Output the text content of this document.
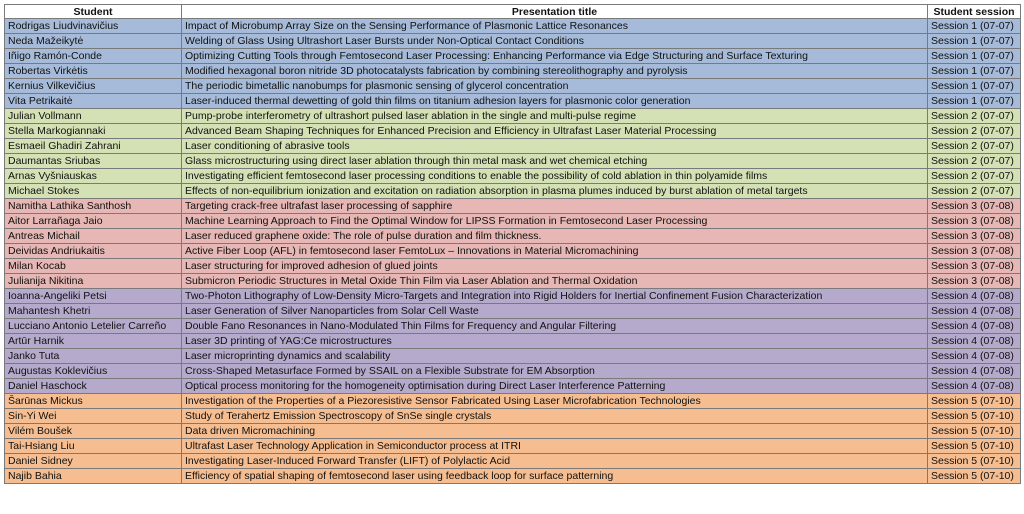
Student	Presentation title	Student session
Rodrigas Liudvinavičius	Impact of Microbump Array Size on the Sensing Performance of Plasmonic Lattice Resonances	Session 1 (07-07)
Neda Mažeikytė	Welding of Glass Using Ultrashort Laser Bursts under Non-Optical Contact Conditions	Session 1 (07-07)
Iñigo Ramón-Conde	Optimizing Cutting Tools through Femtosecond Laser Processing: Enhancing Performance via Edge Structuring and Surface Texturing	Session 1 (07-07)
Robertas Virkėtis	Modified hexagonal boron nitride 3D photocatalysts fabrication by combining stereolithography and pyrolysis	Session 1 (07-07)
Kernius Vilkevičius	The periodic bimetallic nanobumps for plasmonic sensing of glycerol concentration	Session 1 (07-07)
Vita Petrikaitė	Laser-induced thermal dewetting of gold thin films on titanium adhesion layers for plasmonic color generation	Session 1 (07-07)
Julian Vollmann	Pump-probe interferometry of ultrashort pulsed laser ablation in the single and multi-pulse regime	Session 2 (07-07)
Stella Markogiannaki	Advanced Beam Shaping Techniques for Enhanced Precision and Efficiency in Ultrafast Laser Material Processing	Session 2 (07-07)
Esmaeil Ghadiri Zahrani	Laser conditioning of abrasive tools	Session 2 (07-07)
Daumantas Sriubas	Glass microstructuring using direct laser ablation through thin metal mask and wet chemical etching	Session 2 (07-07)
Arnas Vyšniauskas	Investigating efficient femtosecond laser processing conditions to enable the possibility of cold ablation in thin polyamide films	Session 2 (07-07)
Michael Stokes	Effects of non-equilibrium ionization and excitation on radiation absorption in plasma plumes induced by burst ablation of metal targets	Session 2 (07-07)
Namitha Lathika Santhosh	Targeting crack-free ultrafast laser processing of sapphire	Session 3 (07-08)
Aitor Larrañaga Jaio	Machine Learning Approach to Find the Optimal Window for LIPSS Formation in Femtosecond Laser Processing	Session 3 (07-08)
Antreas Michail	Laser reduced graphene oxide: The role of pulse duration and film thickness.	Session 3 (07-08)
Deividas Andriukaitis	Active Fiber Loop (AFL) in femtosecond laser FemtoLux – Innovations in Material Micromachining	Session 3 (07-08)
Milan Kocab	Laser structuring for improved adhesion of glued joints	Session 3 (07-08)
Julianija Nikitina	Submicron Periodic Structures in Metal Oxide Thin Film via Laser Ablation and Thermal Oxidation	Session 3 (07-08)
Ioanna-Angeliki Petsi	Two-Photon Lithography of Low-Density Micro-Targets and Integration into Rigid Holders for Inertial Confinement Fusion Characterization	Session 4 (07-08)
Mahantesh Khetri	Laser Generation of Silver Nanoparticles from Solar Cell Waste	Session 4 (07-08)
Lucciano Antonio Letelier Carreño	Double Fano Resonances in Nano-Modulated Thin Films for Frequency and Angular Filtering	Session 4 (07-08)
Artūr Harnik	Laser 3D printing of YAG:Ce microstructures	Session 4 (07-08)
Janko Tuta	Laser microprinting dynamics and scalability	Session 4 (07-08)
Augustas Koklevičius	Cross-Shaped Metasurface Formed by SSAIL on a Flexible Substrate for EM Absorption	Session 4 (07-08)
Daniel Haschock	Optical process monitoring for the homogeneity optimisation during Direct Laser Interference Patterning	Session 4 (07-08)
Šarūnas Mickus	Investigation of the Properties of a Piezoresistive Sensor Fabricated Using Laser Microfabrication Technologies	Session 5 (07-10)
Sin-Yi Wei	Study of Terahertz Emission Spectroscopy of SnSe single crystals	Session 5 (07-10)
Vilém Boušek	Data driven Micromachining	Session 5 (07-10)
Tai-Hsiang Liu	Ultrafast Laser Technology Application in Semiconductor process at ITRI	Session 5 (07-10)
Daniel Sidney	Investigating Laser-Induced Forward Transfer (LIFT) of Polylactic Acid	Session 5 (07-10)
Najib Bahia	Efficiency of spatial shaping of femtosecond laser using feedback loop for surface patterning	Session 5 (07-10)
